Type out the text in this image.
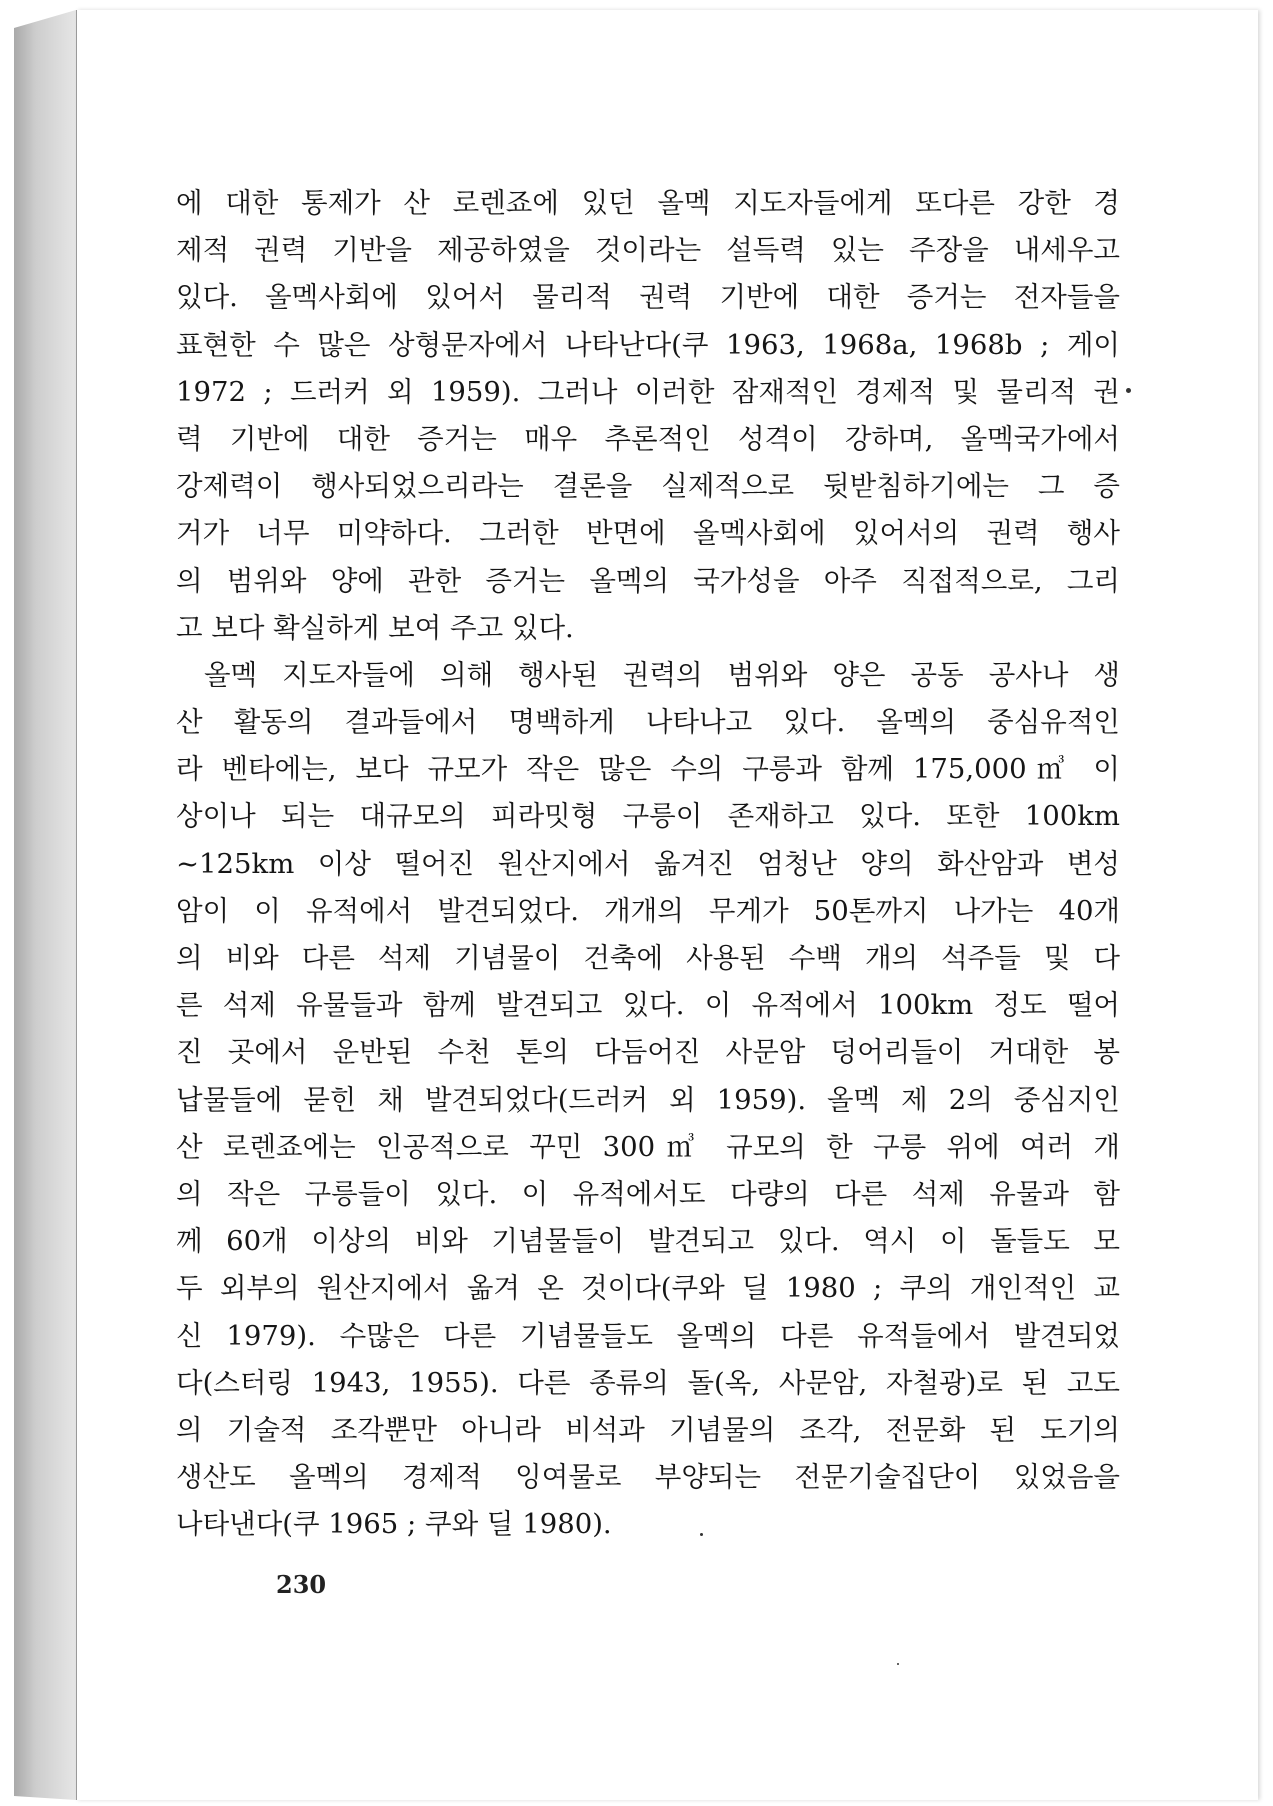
에 대한 통제가 산 로렌죠에 있던 올멕 지도자들에게 또다른 강한 경
제적 권력 기반을 제공하였을 것이라는 설득력 있는 주장을 내세우고
있다. 올멕사회에 있어서 물리적 권력 기반에 대한 증거는 전자들을
표현한 수 많은 상형문자에서 나타난다(쿠 1963, 1968a, 1968b ; 게이
1972 ; 드러커 외 1959). 그러나 이러한 잠재적인 경제적 및 물리적 권
력 기반에 대한 증거는 매우 추론적인 성격이 강하며, 올멕국가에서
강제력이 행사되었으리라는 결론을 실제적으로 뒷받침하기에는 그 증
거가 너무 미약하다. 그러한 반면에 올멕사회에 있어서의 권력 행사
의 범위와 양에 관한 증거는 올멕의 국가성을 아주 직접적으로, 그리
고 보다 확실하게 보여 주고 있다.
올멕 지도자들에 의해 행사된 권력의 범위와 양은 공동 공사나 생
산 활동의 결과들에서 명백하게 나타나고 있다. 올멕의 중심유적인
라 벤타에는, 보다 규모가 작은 많은 수의 구릉과 함께 175,000㎥ 이
상이나 되는 대규모의 피라밋형 구릉이 존재하고 있다. 또한 100km
~125km 이상 떨어진 원산지에서 옮겨진 엄청난 양의 화산암과 변성
암이 이 유적에서 발견되었다. 개개의 무게가 50톤까지 나가는 40개
의 비와 다른 석제 기념물이 건축에 사용된 수백 개의 석주들 및 다
른 석제 유물들과 함께 발견되고 있다. 이 유적에서 100km 정도 떨어
진 곳에서 운반된 수천 톤의 다듬어진 사문암 덩어리들이 거대한 봉
납물들에 묻힌 채 발견되었다(드러커 외 1959). 올멕 제 2의 중심지인
산 로렌죠에는 인공적으로 꾸민 300㎥ 규모의 한 구릉 위에 여러 개
의 작은 구릉들이 있다. 이 유적에서도 다량의 다른 석제 유물과 함
께 60개 이상의 비와 기념물들이 발견되고 있다. 역시 이 돌들도 모
두 외부의 원산지에서 옮겨 온 것이다(쿠와 딜 1980 ; 쿠의 개인적인 교
신 1979). 수많은 다른 기념물들도 올멕의 다른 유적들에서 발견되었
다(스터링 1943, 1955). 다른 종류의 돌(옥, 사문암, 자철광)로 된 고도
의 기술적 조각뿐만 아니라 비석과 기념물의 조각, 전문화 된 도기의
생산도 올멕의 경제적 잉여물로 부양되는 전문기술집단이 있었음을
나타낸다(쿠 1965 ; 쿠와 딜 1980).
230
